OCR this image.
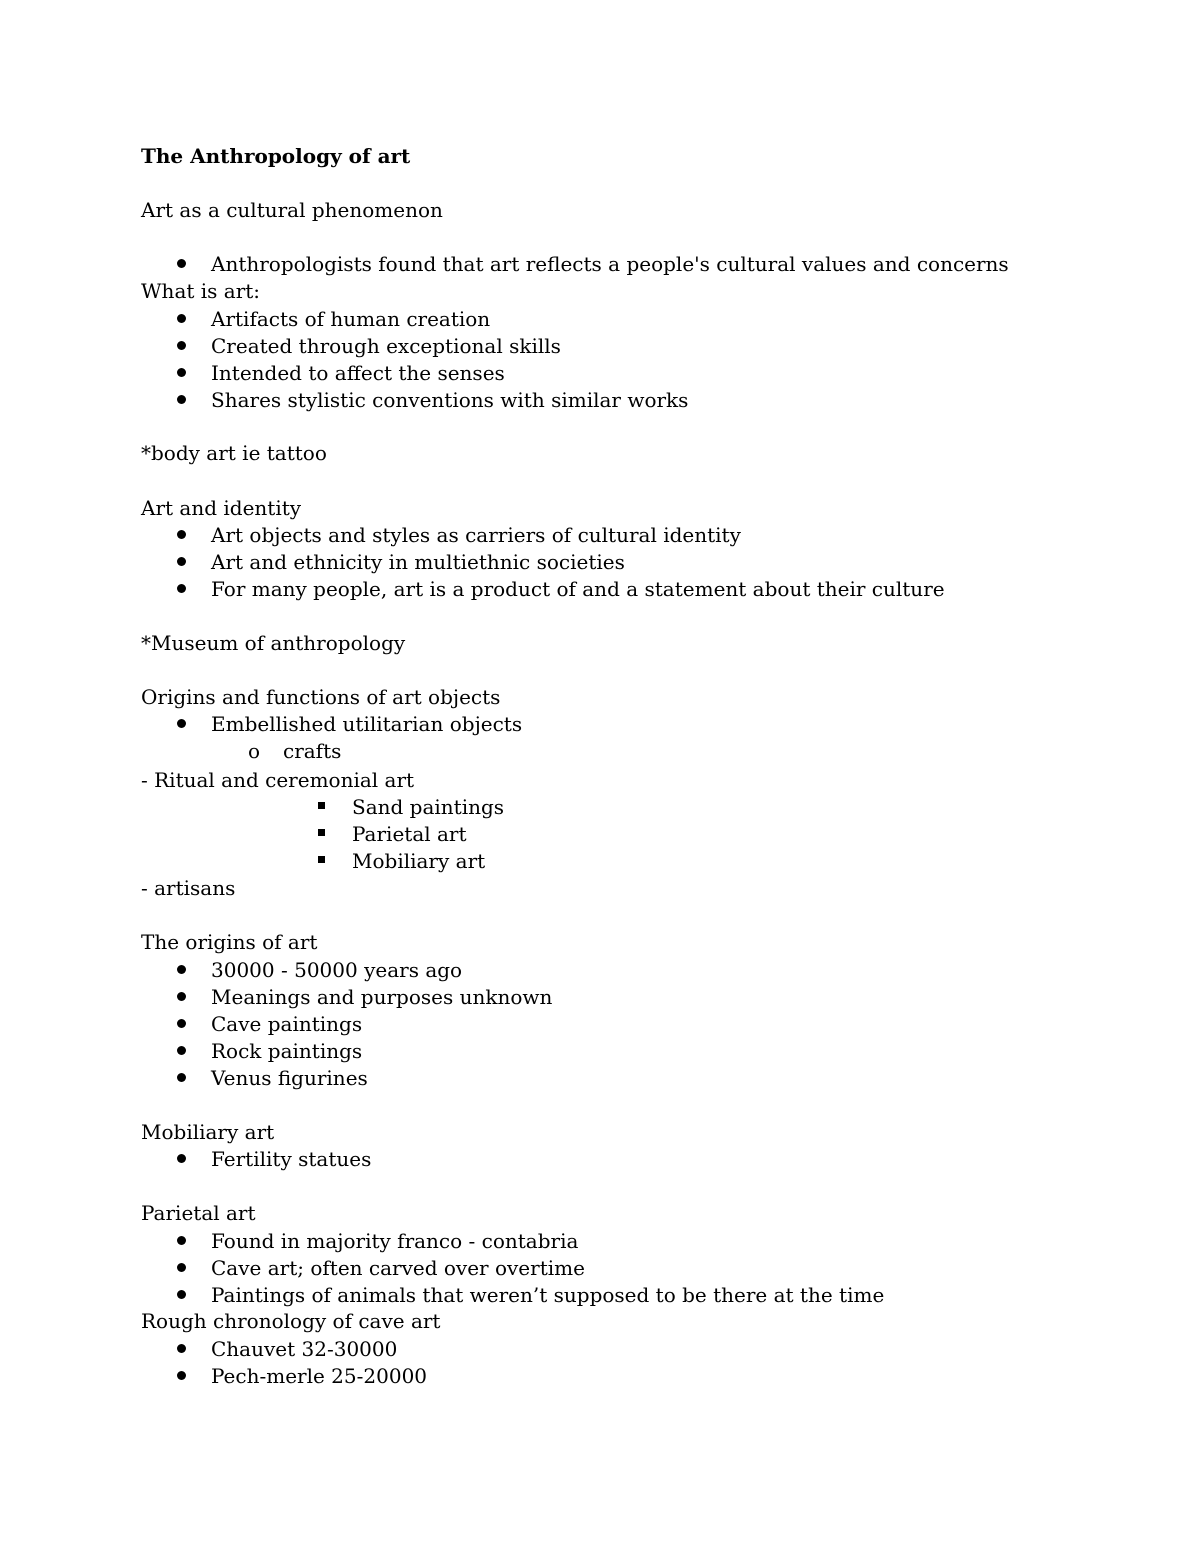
The Anthropology of art
Art as a cultural phenomenon
Anthropologists found that art reflects a people's cultural values and concerns
What is art:
Artifacts of human creation
Created through exceptional skills
Intended to affect the senses
Shares stylistic conventions with similar works
*body art ie tattoo
Art and identity
Art objects and styles as carriers of cultural identity
Art and ethnicity in multiethnic societies
For many people, art is a product of and a statement about their culture
*Museum of anthropology
Origins and functions of art objects
Embellished utilitarian objects
o crafts
- Ritual and ceremonial art
Sand paintings
Parietal art
Mobiliary art
- artisans
The origins of art
30000 - 50000 years ago
Meanings and purposes unknown
Cave paintings
Rock paintings
Venus figurines
Mobiliary art
Fertility statues
Parietal art
Found in majority franco - contabria
Cave art; often carved over overtime
Paintings of animals that weren’t supposed to be there at the time
Rough chronology of cave art
Chauvet 32-30000
Pech-merle 25-20000
